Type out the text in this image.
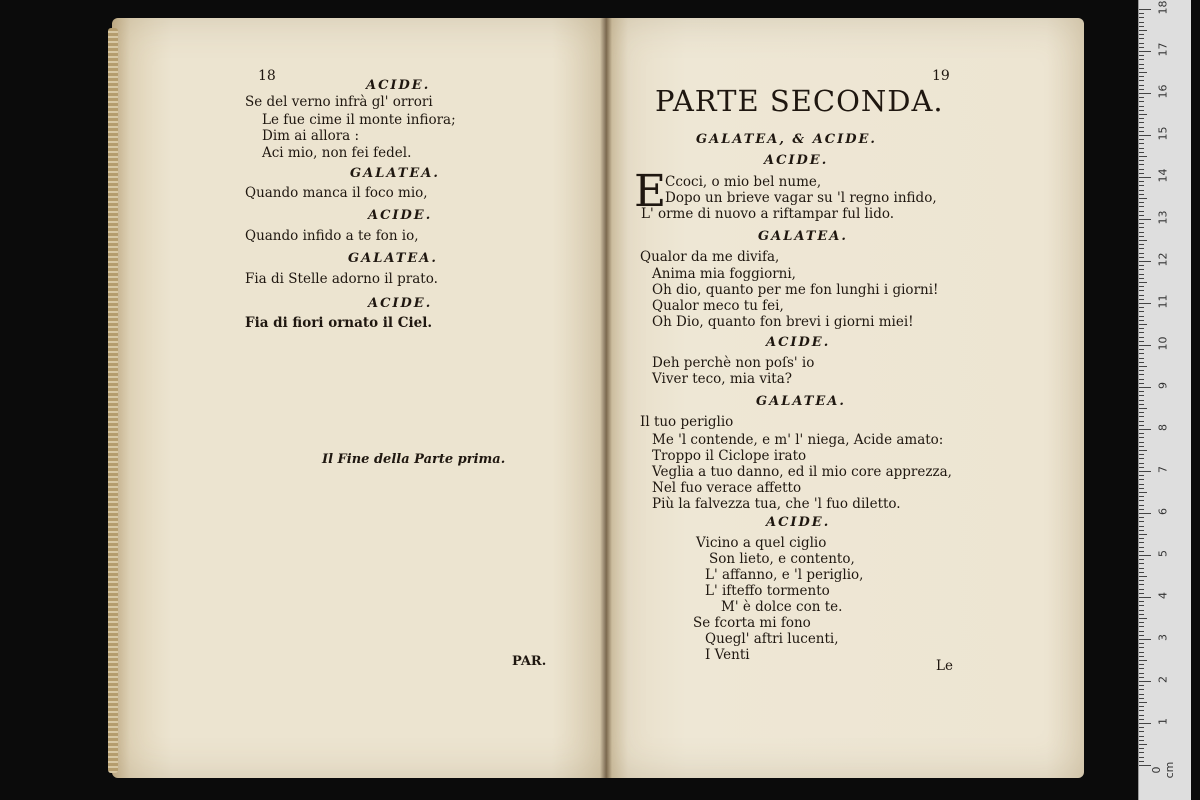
18
ACIDE.
Se del verno infrà gl' orrori
Le fue cime il monte infiora;
Dim ai allora :
Aci mio, non fei fedel.
GALATEA.
Quando manca il foco mio,
ACIDE.
Quando infido a te fon io,
GALATEA.
Fia di Stelle adorno il prato.
ACIDE.
Fia di fiori ornato il Ciel.
Il Fine della Parte prima.
PAR.
19
PARTE SECONDA.
GALATEA, & ACIDE.
ACIDE.
E
Ccoci, o mio bel nume,
Dopo un brieve vagar su 'l regno infido,
L' orme di nuovo a riftampar ful lido.
GALATEA.
Qualor da me divifa,
Anima mia foggiorni,
Oh dio, quanto per me fon lunghi i giorni!
Qualor meco tu fei,
Oh Dio, quanto fon brevi i giorni miei!
ACIDE.
Deh perchè non poſs' io
Viver teco, mia vita?
GALATEA.
Il tuo periglio
Me 'l contende, e m' l' niega, Acide amato:
Troppo il Ciclope irato
Veglia a tuo danno, ed il mio core apprezza,
Nel fuo verace affetto
Più la falvezza tua, che 'l fuo diletto.
ACIDE.
Vicino a quel ciglio
Son lieto, e contento,
L' affanno, e 'l periglio,
L' ifteffo tormento
M' è dolce con te.
Se fcorta mi fono
Quegl' aftri lucenti,
I Venti
Le
0 cm
1
2
3
4
5
6
7
8
9
10
11
12
13
14
15
16
17
18
